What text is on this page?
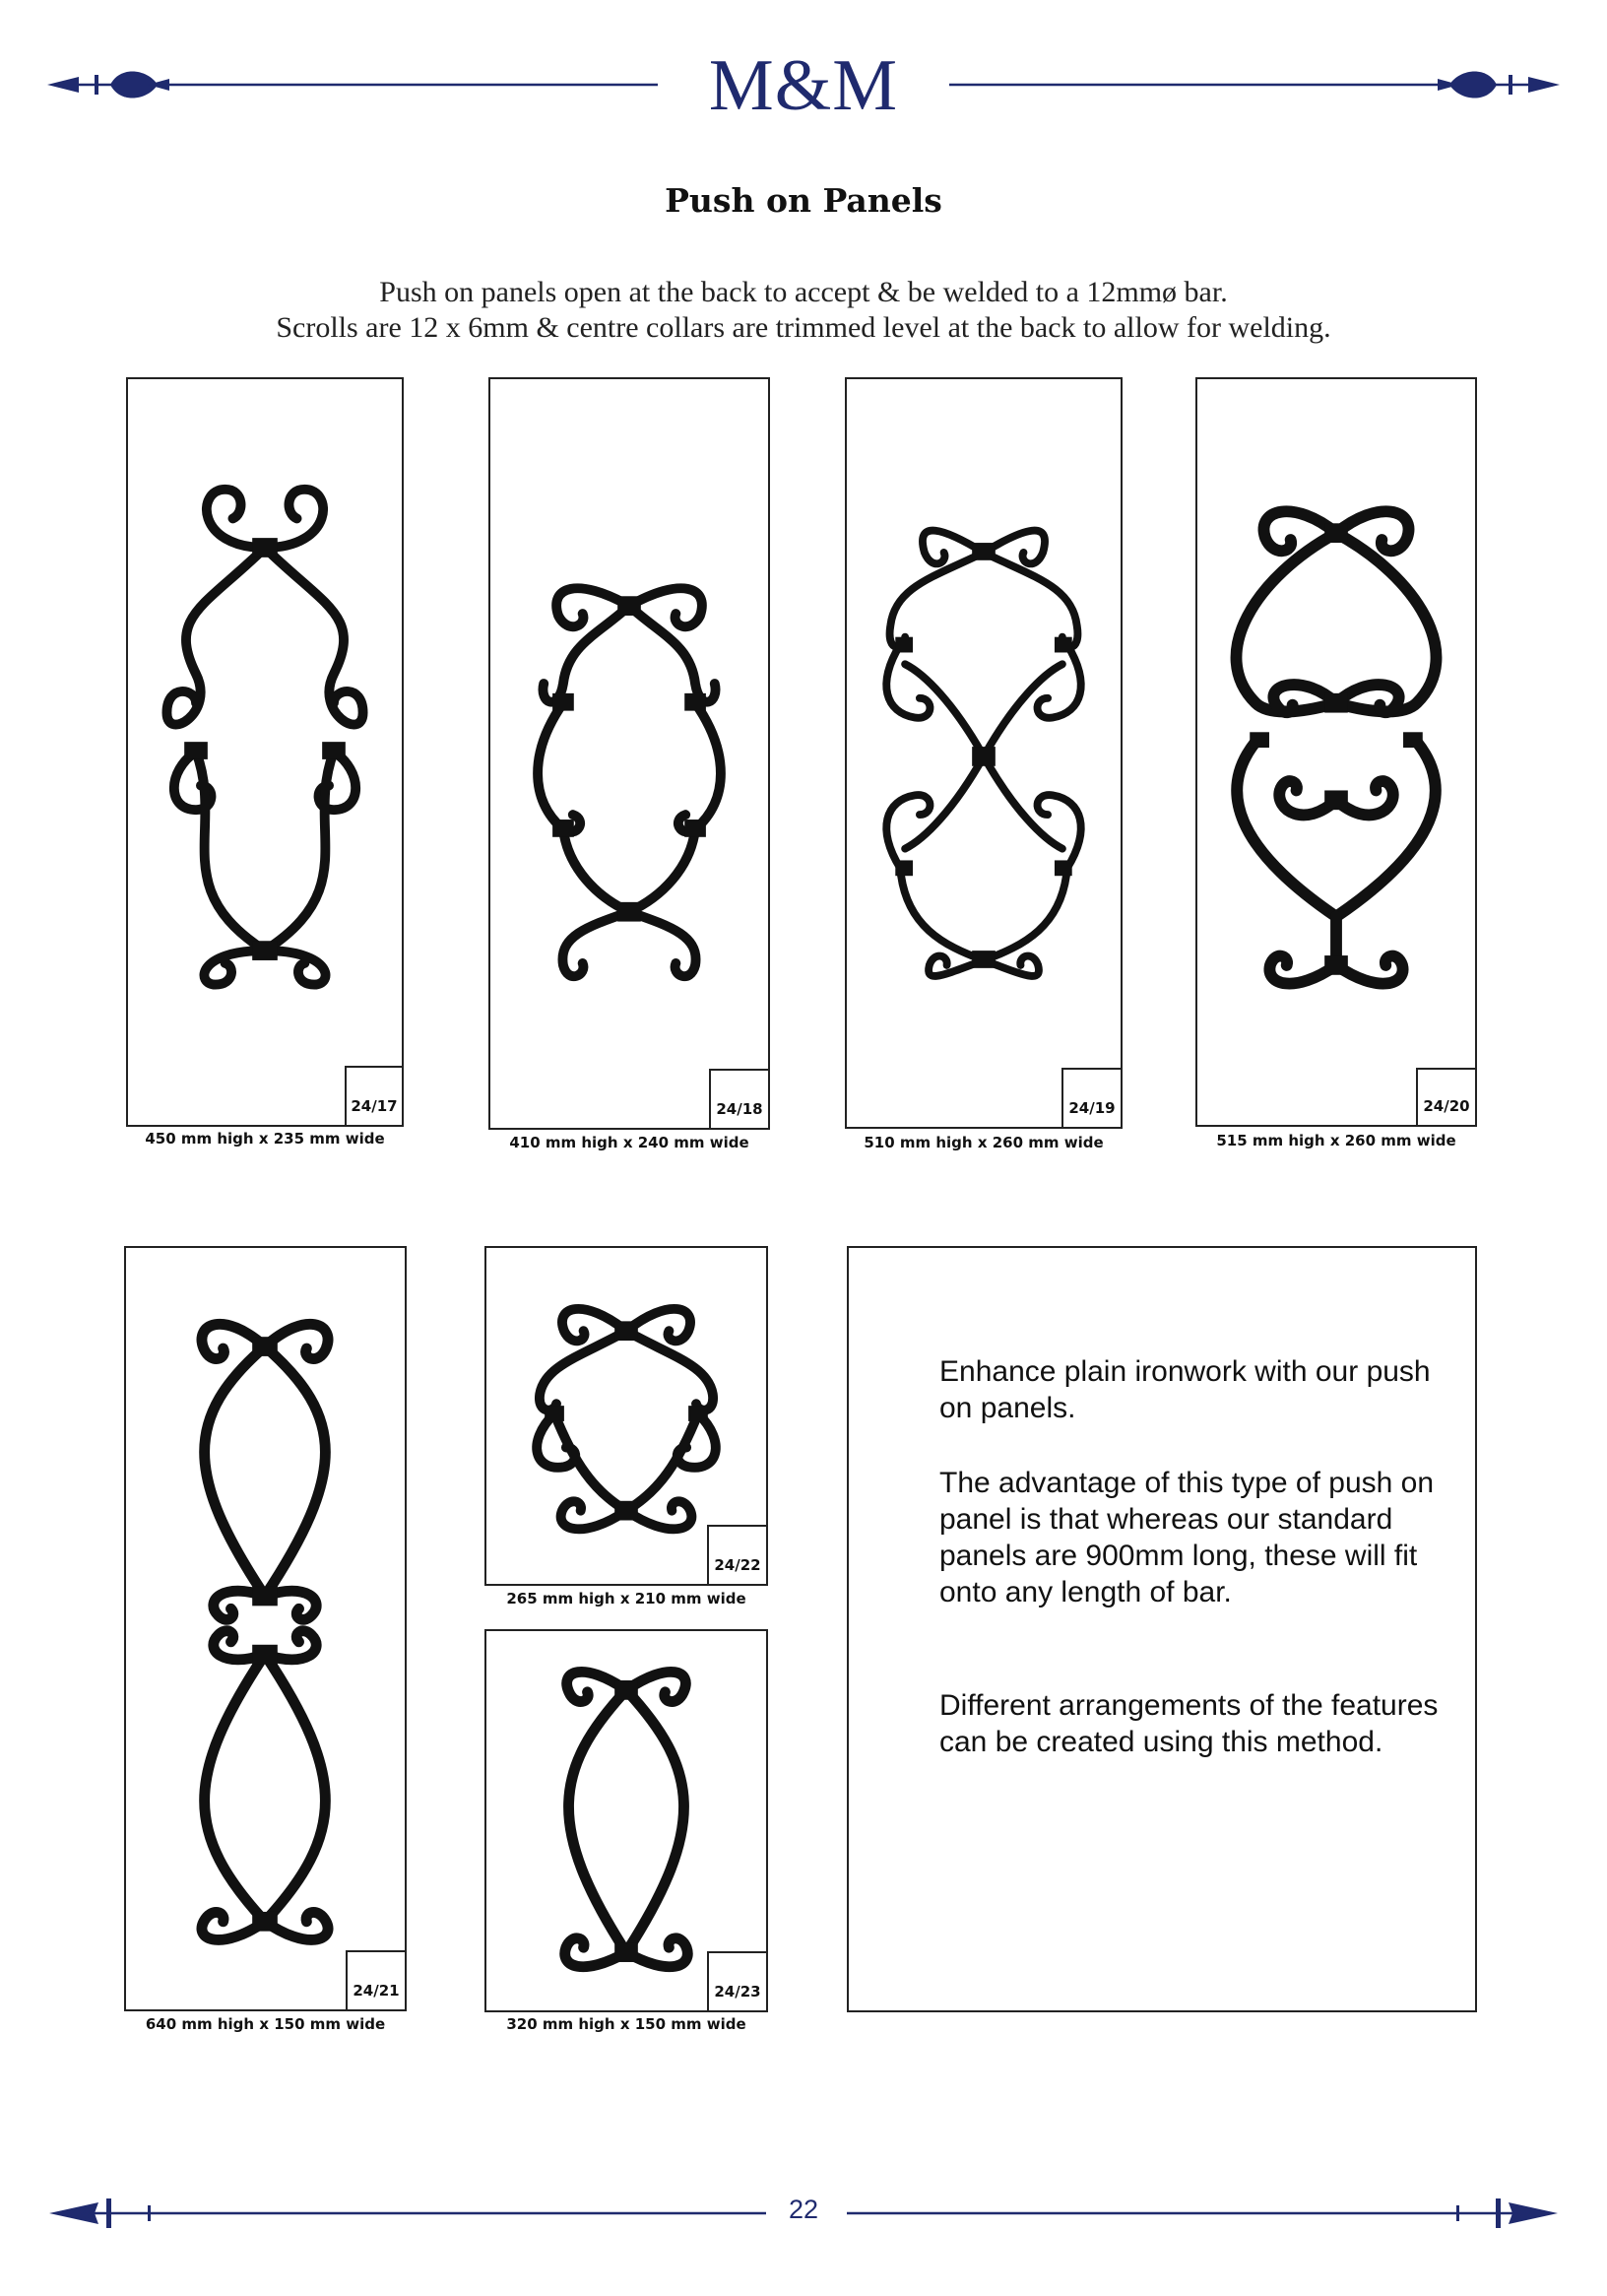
M&M
Push on Panels
Push on panels open at the back to accept & be welded to a 12mmø bar.
Scrolls are 12 x 6mm & centre collars are trimmed level at the back to allow for welding.
24/17
450 mm high x 235 mm wide
24/18
410 mm high x 240 mm wide
24/19
510 mm high x 260 mm wide
24/20
515 mm high x 260 mm wide
24/21
640 mm high x 150 mm wide
24/22
265 mm high x 210 mm wide
24/23
320 mm high x 150 mm wide
Enhance plain ironwork with our push on panels.
The advantage of this type of push on panel is that whereas our standard panels are 900mm long, these will fit onto any length of bar.
Different arrangements of the features can be created using this method.
22
